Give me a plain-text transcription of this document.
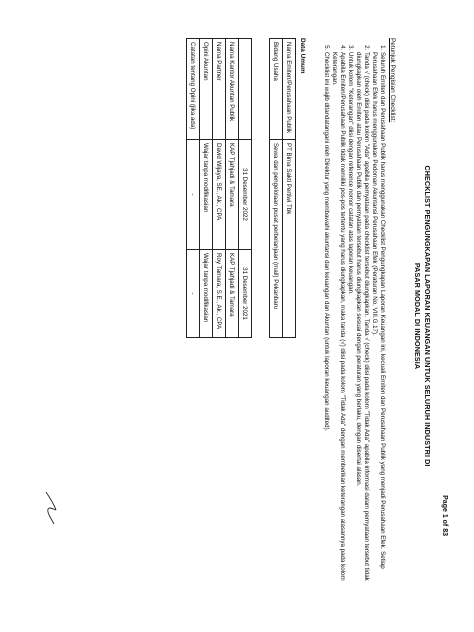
Page 1 of 83
CHECKLIST PENGUNGKAPAN LAPORAN KEUANGAN UNTUK SELURUH INDUSTRI DI
PASAR MODAL DI INDONESIA
Petunjuk Pengisian Checklist:
1. Seluruh Emiten dan Perusahaan Publik harus menggunakan Checklist Pengungkapan Laporan Keuangan ini, kecuali Emiten dan Perusahaan Publik yang menjadi Perusahaan Efek. Setiap Perusahaan Efek harus menggunakan Pedoman Akuntansi Perusahaan Efek (Peraturan No. VIII.G.17).
2. Tanda √ (check) diisi pada kolom "Ada" apabila pernyataan pada checklist tersebut diungkapkan. Tanda √ (check) diisi pada kolom "Tidak Ada" apabila informasi dalam pernyataan tersebut tidak diungkapkan oleh Emiten atau Perusahaan Publik dan pernyataan tersebut harus diungkapkan sesuai dengan peraturan yang berlaku, dengan disertai alasan.
3. Untuk kolom "Keterangan" diisi dengan reference nomor catatan atas laporan keuangan.
4. Apabila Emiten/Perusahaan Publik tidak memiliki pos-pos tertentu yang harus diungkapkan, maka tanda (√) diisi pada kolom "Tidak Ada" dengan memberikan keterangan alasannya pada kolom Keterangan.
5. Checklist ini wajib ditandatangani oleh Direktur yang membawahi akuntansi dan keuangan dan Akuntan (untuk laporan keuangan audited).
Data Umum
Nama Emiten/Perusahaan Publik	PT Bima Sakti Pertiwi Tbk
Bidang Usaha	Sewa dan pengelolaan pusat perbelanjaan (mall) Pekanbaru
	31 Desember 2022	31 Desember 2021
Nama Kantor Akuntan Publik	KAP Tjahjadi & Tamara	KAP Tjahjadi & Tamara
Nama Partner	David Wijaya, SE., Ak., CPA	Roy Tamara, S.E., Ak., CPA
Opini Akuntan	Wajar tanpa modifikasian	Wajar tanpa modifikasian
Catatan tentang Opini (jika ada)	-	-
